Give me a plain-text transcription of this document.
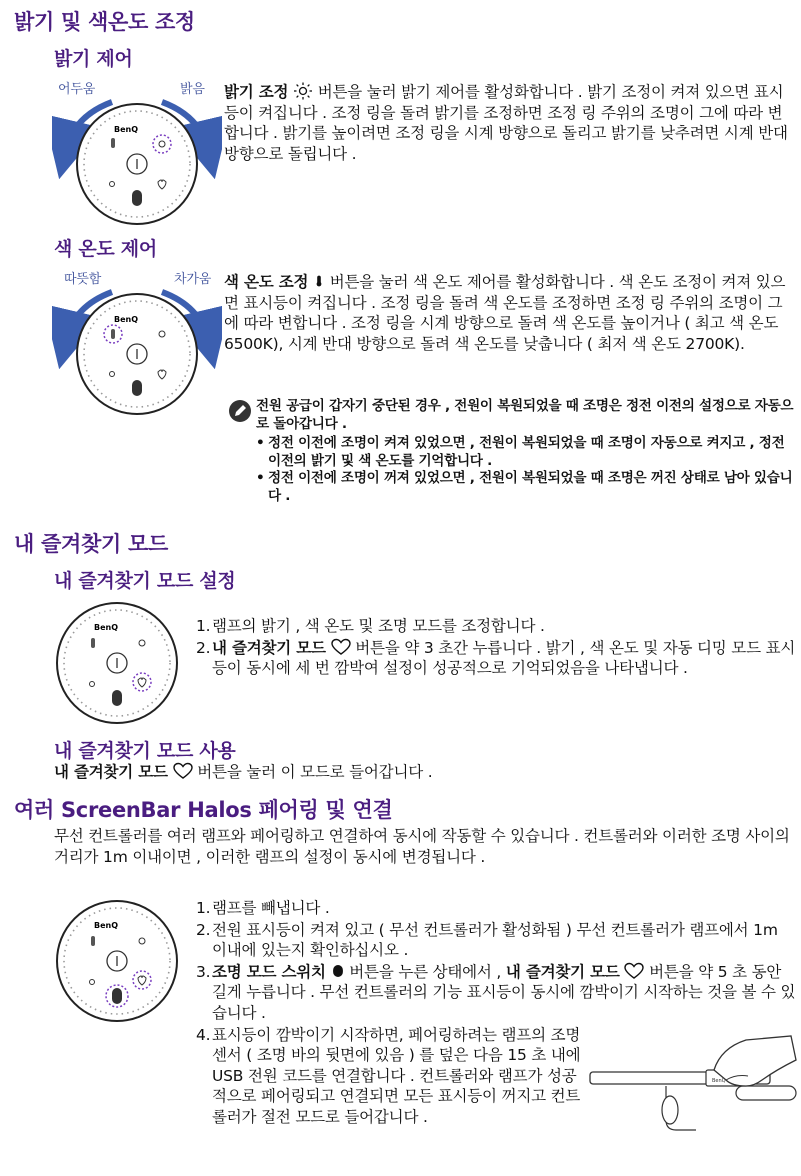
밝기 및 색온도 조정
밝기 제어
BenQ
어두움	밝음 밝기 조정  버튼을 눌러 밝기 제어를 활성화합니다 . 밝기 조정이 켜져 있으면 표시등이 켜집니다 . 조정 링을 돌려 밝기를 조정하면 조정 링 주위의 조명이 그에 따라 변합니다 . 밝기를 높이려면 조정 링을 시계 방향으로 돌리고 밝기를 낮추려면 시계 반대 방향으로 돌립니다 .
색 온도 제어
BenQ
따뜻함	차가움 색 온도 조정  버튼을 눌러 색 온도 제어를 활성화합니다 . 색 온도 조정이 켜져 있으면 표시등이 켜집니다 . 조정 링을 돌려 색 온도를 조정하면 조정 링 주위의 조명이 그에 따라 변합니다 . 조정 링을 시계 방향으로 돌려 색 온도를 높이거나 ( 최고 색 온도 6500K), 시계 반대 방향으로 돌려 색 온도를 낮춥니다 ( 최저 색 온도 2700K).
전원 공급이 갑자기 중단된 경우 , 전원이 복원되었을 때 조명은 정전 이전의 설정으로 자동으로 돌아갑니다 .
• 정전 이전에 조명이 켜져 있었으면 , 전원이 복원되었을 때 조명이 자동으로 켜지고 , 정전 이전의 밝기 및 색 온도를 기억합니다 .
• 정전 이전에 조명이 꺼져 있었으면 , 전원이 복원되었을 때 조명은 꺼진 상태로 남아 있습니다 .
내 즐겨찾기 모드
내 즐겨찾기 모드 설정
BenQ	1. 램프의 밝기 , 색 온도 및 조명 모드를 조정합니다 .
2. 내 즐겨찾기 모드  버튼을 약 3 초간 누릅니다 . 밝기 , 색 온도 및 자동 디밍 모드 표시등이 동시에 세 번 깜박여 설정이 성공적으로 기억되었음을 나타냅니다 .
내 즐겨찾기 모드 사용
내 즐겨찾기 모드  버튼을 눌러 이 모드로 들어갑니다 .
여러 ScreenBar Halos 페어링 및 연결
무선 컨트롤러를 여러 램프와 페어링하고 연결하여 동시에 작동할 수 있습니다 . 컨트롤러와 이러한 조명 사이의 거리가 1m 이내이면 , 이러한 램프의 설정이 동시에 변경됩니다 .
BenQ
1. 램프를 빼냅니다 .
2. 전원 표시등이 켜져 있고 ( 무선 컨트롤러가 활성화됨 ) 무선 컨트롤러가 램프에서 1m 이내에 있는지 확인하십시오 .
3. 조명 모드 스위치  버튼을 누른 상태에서 , 내 즐겨찾기 모드  버튼을 약 5 초 동안 길게 누릅니다 . 무선 컨트롤러의 기능 표시등이 동시에 깜박이기 시작하는 것을 볼 수 있습니다 .
4. 표시등이 깜박이기 시작하면, 페어링하려는 램프의 조명 센서 ( 조명 바의 뒷면에 있음 ) 를 덮은 다음 15 초 내에 USB 전원 코드를 연결합니다 . 컨트롤러와 램프가 성공적으로 페어링되고 연결되면 모든 표시등이 꺼지고 컨트롤러가 절전 모드로 들어갑니다 .
BenQ
